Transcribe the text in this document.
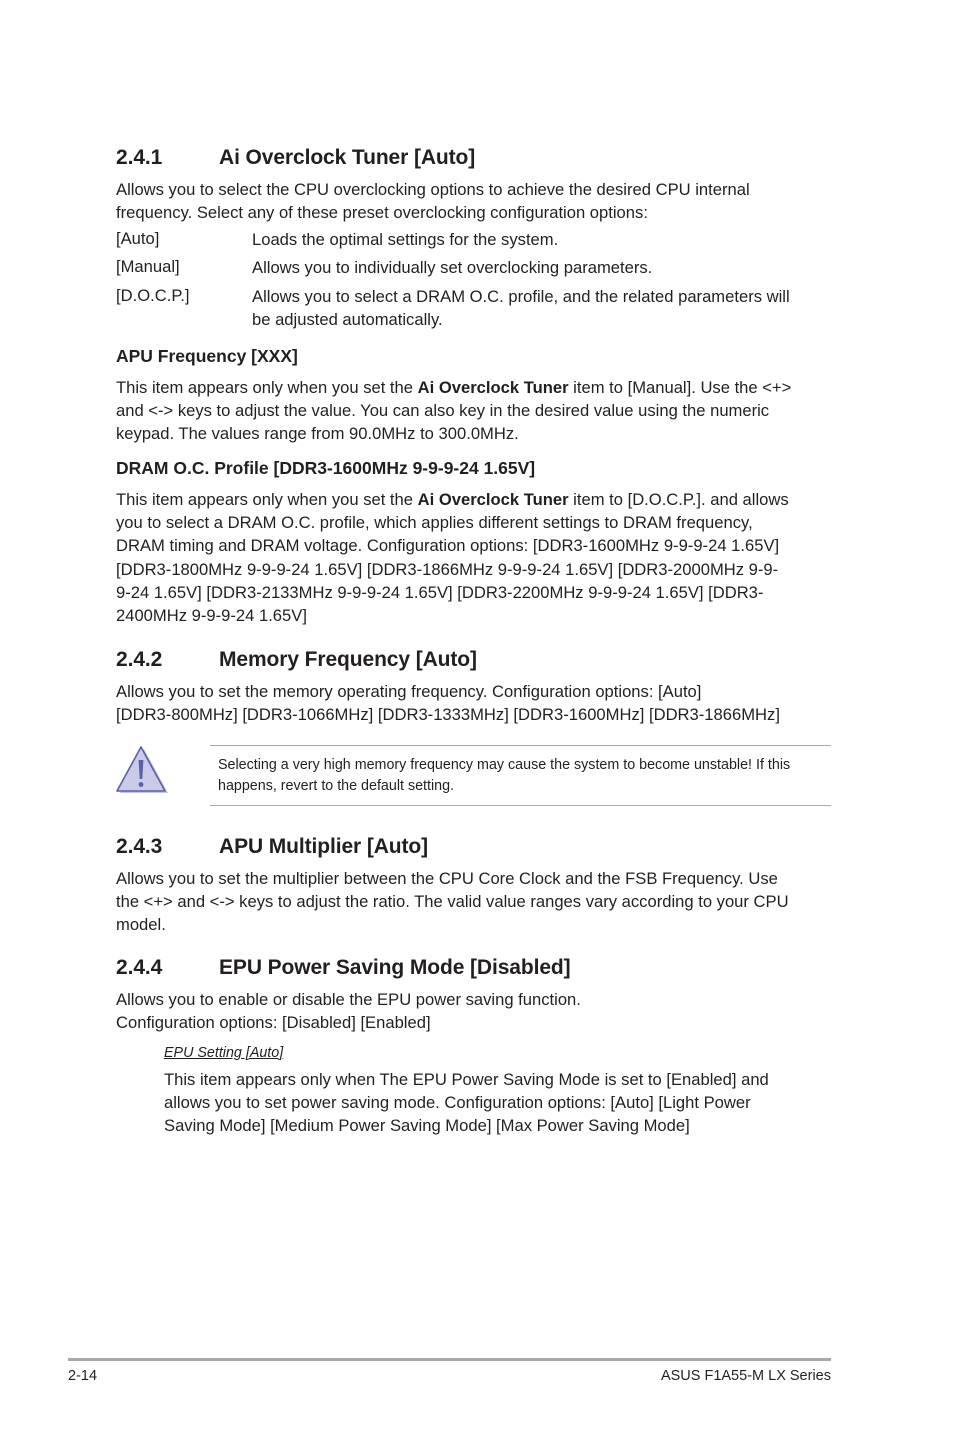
2.4.1	Ai Overclock Tuner [Auto]
Allows you to select the CPU overclocking options to achieve the desired CPU internal
frequency. Select any of these preset overclocking configuration options:
[Auto]	Loads the optimal settings for the system.
[Manual]	Allows you to individually set overclocking parameters.
[D.O.C.P.]	Allows you to select a DRAM O.C. profile, and the related parameters will
be adjusted automatically.
APU Frequency [XXX]
This item appears only when you set the Ai Overclock Tuner item to [Manual]. Use the <+>
and <-> keys to adjust the value. You can also key in the desired value using the numeric
keypad. The values range from 90.0MHz to 300.0MHz.
DRAM O.C. Profile [DDR3-1600MHz 9-9-9-24 1.65V]
This item appears only when you set the Ai Overclock Tuner item to [D.O.C.P.]. and allows
you to select a DRAM O.C. profile, which applies different settings to DRAM frequency,
DRAM timing and DRAM voltage. Configuration options: [DDR3-1600MHz 9-9-9-24 1.65V]
[DDR3-1800MHz 9-9-9-24 1.65V] [DDR3-1866MHz 9-9-9-24 1.65V] [DDR3-2000MHz 9-9-
9-24 1.65V] [DDR3-2133MHz 9-9-9-24 1.65V] [DDR3-2200MHz 9-9-9-24 1.65V] [DDR3-
2400MHz 9-9-9-24 1.65V]
2.4.2	Memory Frequency [Auto]
Allows you to set the memory operating frequency. Configuration options: [Auto]
[DDR3-800MHz] [DDR3-1066MHz] [DDR3-1333MHz] [DDR3-1600MHz] [DDR3-1866MHz]
Selecting a very high memory frequency may cause the system to become unstable! If this
happens, revert to the default setting.
2.4.3	APU Multiplier [Auto]
Allows you to set the multiplier between the CPU Core Clock and the FSB Frequency. Use
the <+> and <-> keys to adjust the ratio. The valid value ranges vary according to your CPU
model.
2.4.4	EPU Power Saving Mode [Disabled]
Allows you to enable or disable the EPU power saving function.
Configuration options: [Disabled] [Enabled]
EPU Setting [Auto]
This item appears only when The EPU Power Saving Mode is set to [Enabled] and
allows you to set power saving mode. Configuration options: [Auto] [Light Power
Saving Mode] [Medium Power Saving Mode] [Max Power Saving Mode]
2-14	ASUS F1A55-M LX Series
